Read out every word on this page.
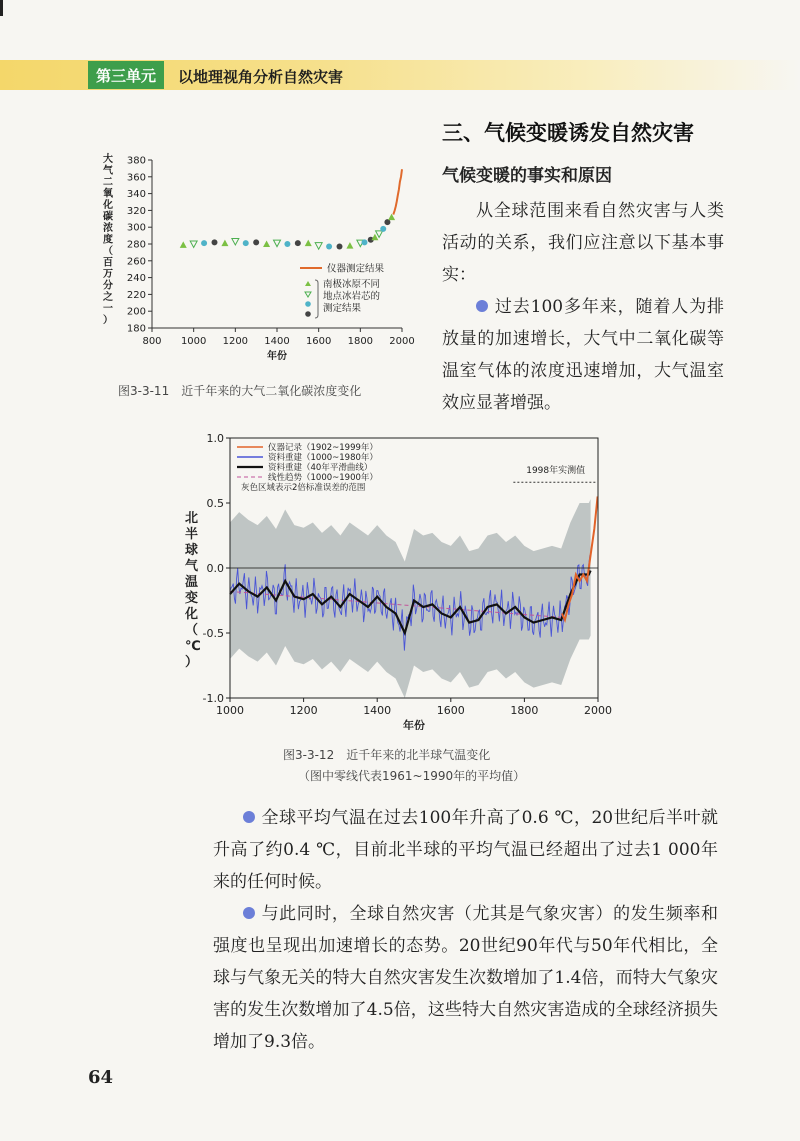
第三单元	以地理视角分析自然灾害
三、气候变暖诱发自然灾害
气候变暖的事实和原因
从全球范围来看自然灾害与人类活动的关系，我们应注意以下基本事实：
过去100多年来，随着人为排放量的加速增长，大气中二氧化碳等温室气体的浓度迅速增加，大气温室效应显著增强。
180
200
220
240
260
280
300
320
340
360
380
800 1000 1200 1400 1600 1800 2000
年份
大气二氧化碳浓度（百万分之一）
仪器测定结果
南极冰原不同地点冰岩芯的测定结果
图3-3-11　近千年来的大气二氧化碳浓度变化
1998年实测值
-1.0
-0.5
0.0
0.5
1.0
1000	1200	1400	1600	1800	2000
年份
北半球气温变化（℃）
仪器记录（1902~1999年）
资料重建（1000~1980年）
资料重建（40年平滑曲线）
线性趋势（1000~1900年）
灰色区域表示2倍标准误差的范围
图3-3-12　近千年来的北半球气温变化
（图中零线代表1961~1990年的平均值）
全球平均气温在过去100年升高了0.6 ℃，20世纪后半叶就升高了约0.4 ℃，目前北半球的平均气温已经超出了过去1 000年来的任何时候。
与此同时，全球自然灾害（尤其是气象灾害）的发生频率和强度也呈现出加速增长的态势。20世纪90年代与50年代相比，全球与气象无关的特大自然灾害发生次数增加了1.4倍，而特大气象灾害的发生次数增加了4.5倍，这些特大自然灾害造成的全球经济损失增加了9.3倍。
64
